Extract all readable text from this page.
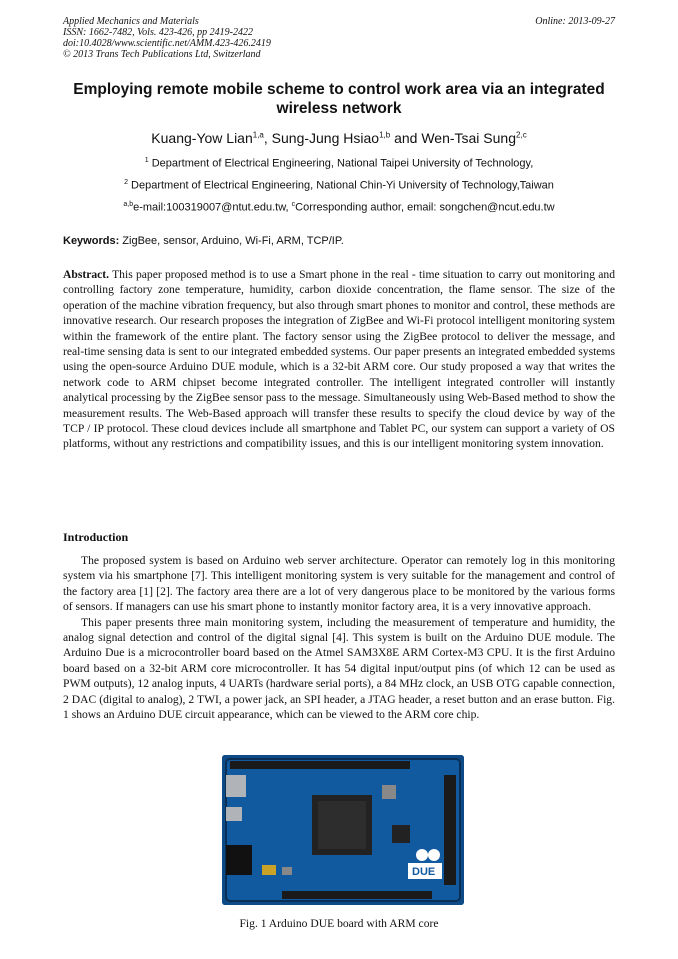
Applied Mechanics and Materials
ISSN: 1662-7482, Vols. 423-426, pp 2419-2422
doi:10.4028/www.scientific.net/AMM.423-426.2419
© 2013 Trans Tech Publications Ltd, Switzerland
Online: 2013-09-27
Employing remote mobile scheme to control work area via an integrated wireless network
Kuang-Yow Lian$^{1,a}$, Sung-Jung Hsiao$^{1,b}$ and Wen-Tsai Sung$^{2,c}$
$^1$ Department of Electrical Engineering, National Taipei University of Technology,
$^2$ Department of Electrical Engineering, National Chin-Yi University of Technology,Taiwan
$^{a,b}$e-mail:100319007@ntut.edu.tw, $^c$Corresponding author, email: songchen@ncut.edu.tw
Keywords: ZigBee, sensor, Arduino, Wi-Fi, ARM, TCP/IP.

Abstract. This paper proposed method is to use a Smart phone in the real - time situation to carry out monitoring and controlling factory zone temperature, humidity, carbon dioxide concentration, the flame sensor. The size of the operation of the machine vibration frequency, but also through smart phones to monitor and control, these methods are innovative research. Our research proposes the integration of ZigBee and Wi-Fi protocol intelligent monitoring system within the framework of the entire plant. The factory sensor using the ZigBee protocol to deliver the message, and real-time sensing data is sent to our integrated embedded systems. Our paper presents an integrated embedded systems using the open-source Arduino DUE module, which is a 32-bit ARM core. Our study proposed a way that writes the network code to ARM chipset become integrated controller. The intelligent integrated controller will instantly analytical processing by the ZigBee sensor pass to the message. Simultaneously using Web-Based method to show the measurement results. The Web-Based approach will transfer these results to specify the cloud device by way of the TCP / IP protocol. These cloud devices include all smartphone and Tablet PC, our system can support a variety of OS platforms, without any restrictions and compatibility issues, and this is our intelligent monitoring system innovation.

Introduction

The proposed system is based on Arduino web server architecture. Operator can remotely log in this monitoring system via his smartphone [7]. This intelligent monitoring system is very suitable for the management and control of the factory area [1] [2]. The factory area there are a lot of very dangerous place to be monitored by the various forms of sensors. If managers can use his smart phone to instantly monitor factory area, it is a very innovative approach.

This paper presents three main monitoring system, including the measurement of temperature and humidity, the analog signal detection and control of the digital signal [4]. This system is built on the Arduino DUE module. The Arduino Due is a microcontroller board based on the Atmel SAM3X8E ARM Cortex-M3 CPU. It is the first Arduino board based on a 32-bit ARM core microcontroller. It has 54 digital input/output pins (of which 12 can be used as PWM outputs), 12 analog inputs, 4 UARTs (hardware serial ports), a 84 MHz clock, an USB OTG capable connection, 2 DAC (digital to analog), 2 TWI, a power jack, an SPI header, a JTAG header, a reset button and an erase button. Fig. 1 shows an Arduino DUE circuit appearance, which can be viewed to the ARM core chip.

DUE
Fig. 1 Arduino DUE board with ARM core
